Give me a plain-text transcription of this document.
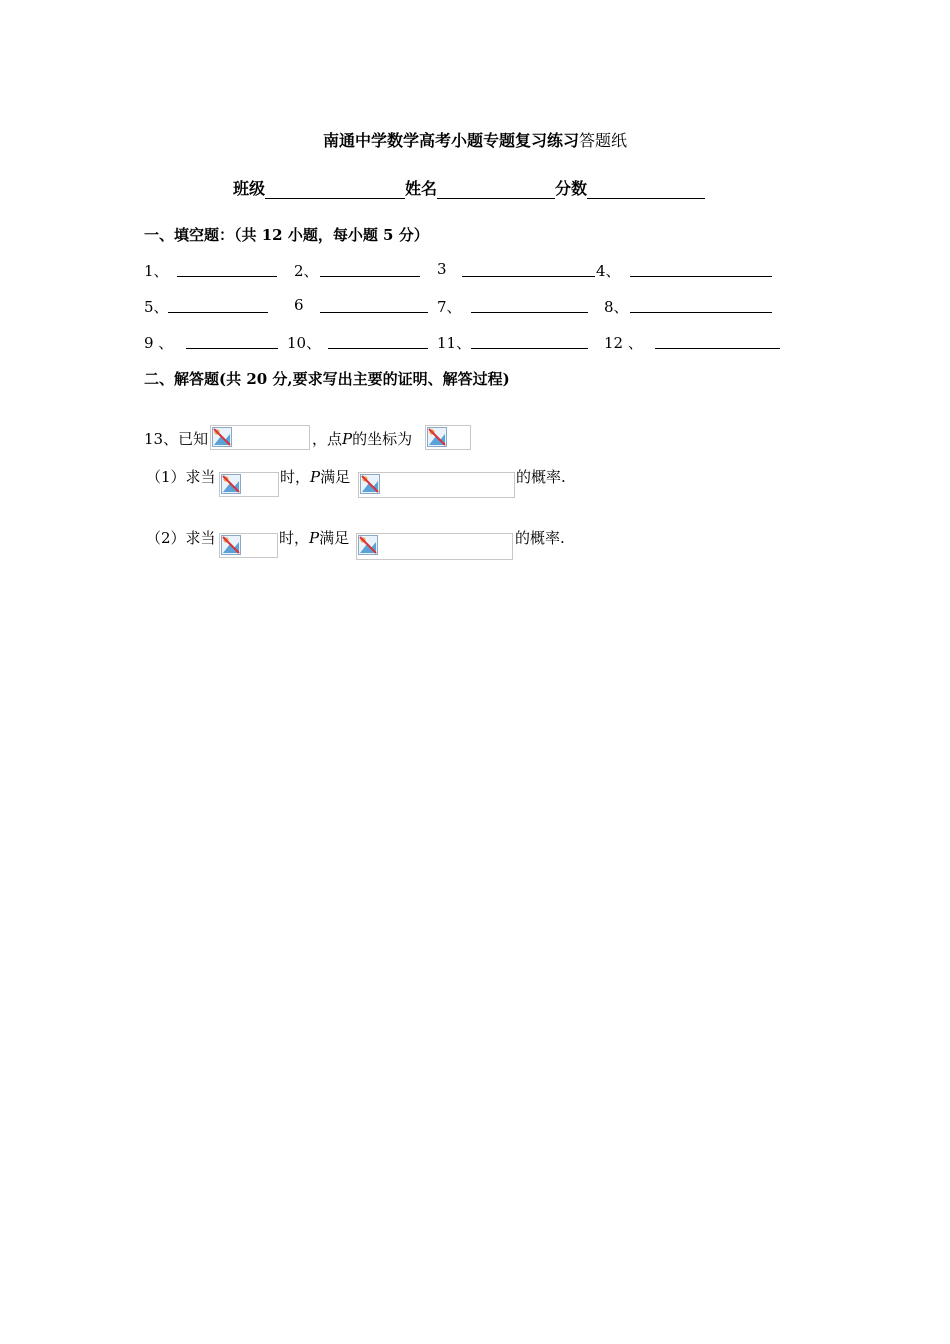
南通中学数学高考小题专题复习练习答题纸
班级	姓名	分数
一、填空题：（共 12 小题，每小题 5 分）
1、	2、	3	4、
5、	6	7、	8、
9 、	10、	11、	12 、
二、解答题(共 20 分,要求写出主要的证明、解答过程)
13、已知	，点P的坐标为
（1）求当	时，P满足	的概率.
（2）求当	时，P满足	的概率.
